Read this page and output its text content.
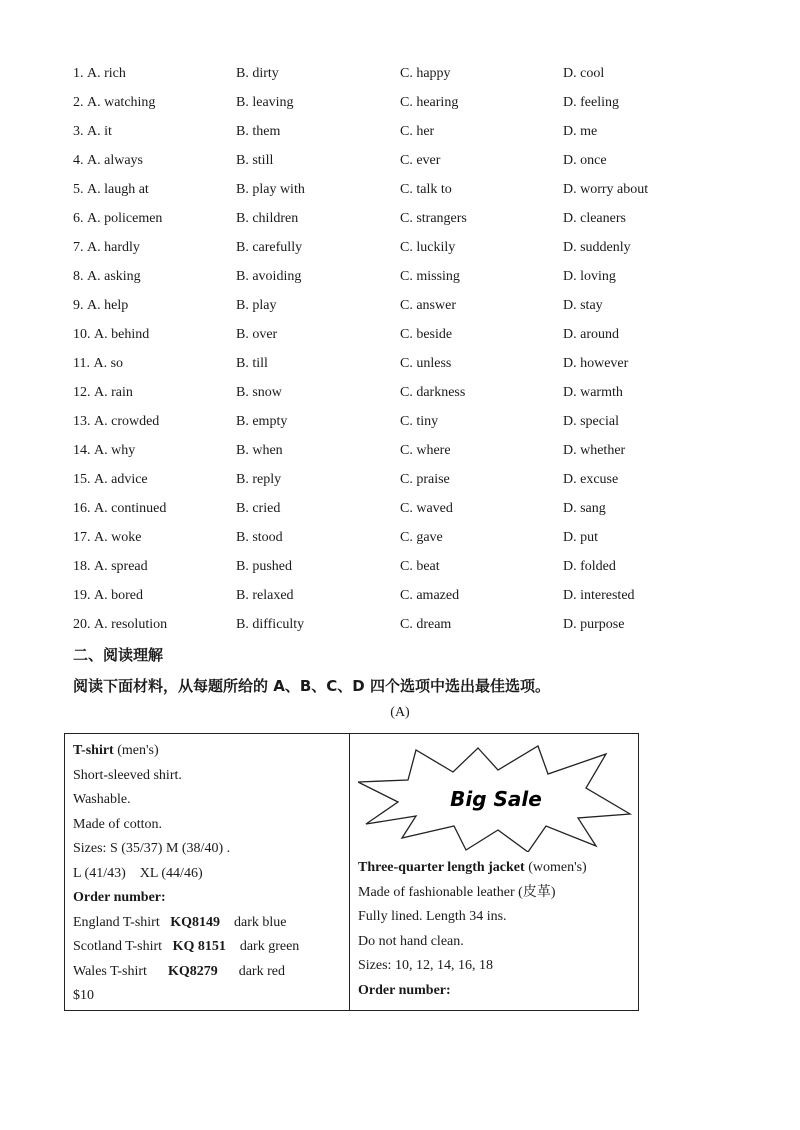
1. A. rich	B. dirty	C. happy	D. cool
2. A. watching	B. leaving	C. hearing	D. feeling
3. A. it	B. them	C. her	D. me
4. A. always	B. still	C. ever	D. once
5. A. laugh at	B. play with	C. talk to	D. worry about
6. A. policemen	B. children	C. strangers	D. cleaners
7. A. hardly	B. carefully	C. luckily	D. suddenly
8. A. asking	B. avoiding	C. missing	D. loving
9. A. help	B. play	C. answer	D. stay
10. A. behind	B. over	C. beside	D. around
11. A. so	B. till	C. unless	D. however
12. A. rain	B. snow	C. darkness	D. warmth
13. A. crowded	B. empty	C. tiny	D. special
14. A. why	B. when	C. where	D. whether
15. A. advice	B. reply	C. praise	D. excuse
16. A. continued	B. cried	C. waved	D. sang
17. A. woke	B. stood	C. gave	D. put
18. A. spread	B. pushed	C. beat	D. folded
19. A. bored	B. relaxed	C. amazed	D. interested
20. A. resolution	B. difficulty	C. dream	D. purpose
二、阅读理解
阅读下面材料，从每题所给的 A、B、C、D 四个选项中选出最佳选项。
(A)
T-shirt (men's)
Short-sleeved shirt.
Washable.
Made of cotton.
Sizes: S (35/37) M (38/40) .
L (41/43)    XL (44/46)
Order number:
England T-shirt KQ8149 dark blue
Scotland T-shirt KQ 8151 dark green
Wales T-shirt KQ8279 dark red
$10
Big Sale
Three-quarter length jacket (women's)
Made of fashionable leather (皮革)
Fully lined. Length 34 ins.
Do not hand clean.
Sizes: 10, 12, 14, 16, 18
Order number:
